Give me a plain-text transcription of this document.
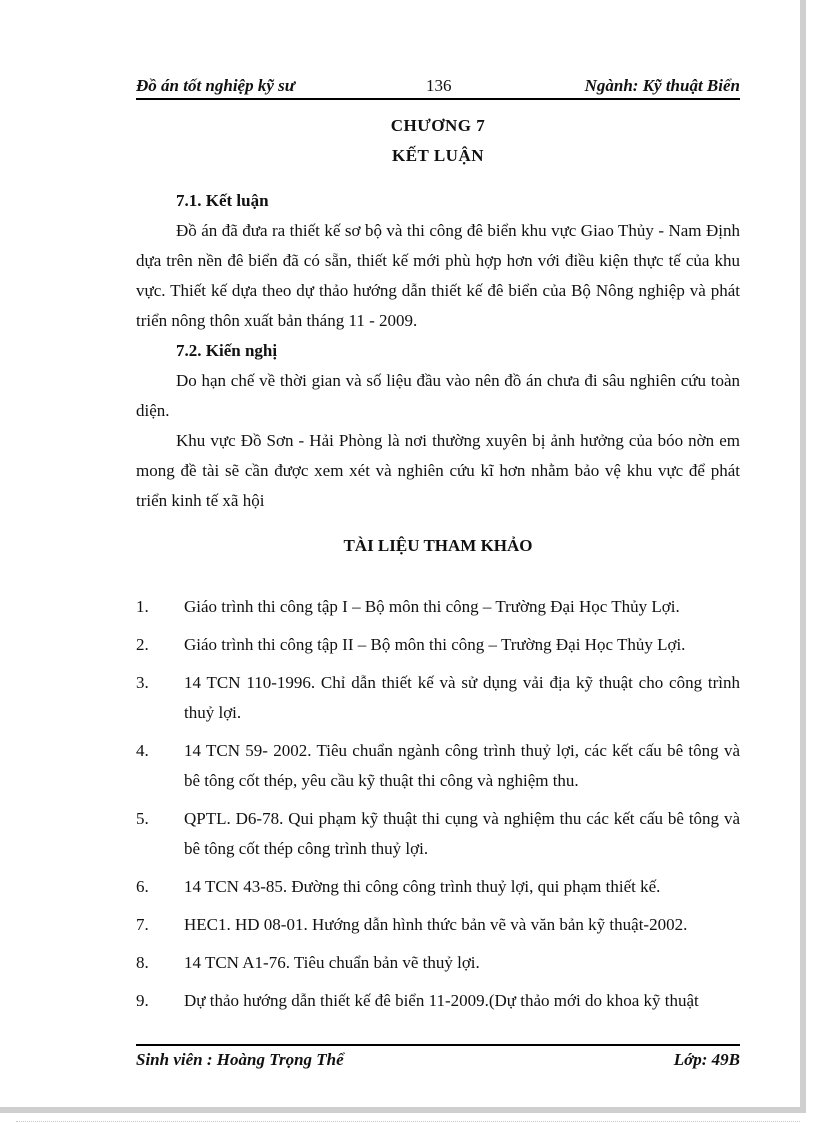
Đồ án tốt nghiệp kỹ sư	136	Ngành: Kỹ thuật Biển
CHƯƠNG 7
KẾT LUẬN

7.1. Kết luận

Đồ án đã đưa ra thiết kế sơ bộ và thi công đê biển khu vực Giao Thủy - Nam Định dựa trên nền đê biển đã có sẵn, thiết kế mới phù hợp hơn với điều kiện thực tế của khu vực. Thiết kế dựa theo dự thảo hướng dẫn thiết kế đê biển của Bộ Nông nghiệp và phát triển nông thôn xuất bản tháng 11 - 2009.

7.2. Kiến nghị

Do hạn chế về thời gian và số liệu đầu vào nên đồ án chưa đi sâu nghiên cứu toàn diện.

Khu vực Đồ Sơn - Hải Phòng là nơi thường xuyên bị ảnh hưởng của bóo nờn em mong đề tài sẽ cần được xem xét và nghiên cứu kĩ hơn nhằm bảo vệ khu vực để phát triển kinh tế xã hội

TÀI LIỆU THAM KHẢO
1. Giáo trình thi công tập I – Bộ môn thi công – Trường Đại Học Thủy Lợi.
2. Giáo trình thi công tập II – Bộ môn thi công – Trường Đại Học Thủy Lợi.
3. 14 TCN 110-1996. Chỉ dẫn thiết kế và sử dụng vải địa kỹ thuật cho công trình thuỷ lợi.
4. 14 TCN 59- 2002. Tiêu chuẩn ngành công trình thuỷ lợi, các kết cấu bê tông và bê tông cốt thép, yêu cầu kỹ thuật thi công và nghiệm thu.
5. QPTL. D6-78. Qui phạm kỹ thuật thi cụng và nghiệm thu các kết cấu bê tông và bê tông cốt thép công trình thuỷ lợi.
6. 14 TCN 43-85. Đường thi công công trình thuỷ lợi, qui phạm thiết kế.
7. HEC1. HD 08-01. Hướng dẫn hình thức bản vẽ và văn bản kỹ thuật-2002.
8. 14 TCN A1-76. Tiêu chuẩn bản vẽ thuỷ lợi.
9. Dự thảo hướng dẫn thiết kế đê biển 11-2009.(Dự thảo mới do khoa kỹ thuật
Sinh viên : Hoàng Trọng Thể	Lớp: 49B
